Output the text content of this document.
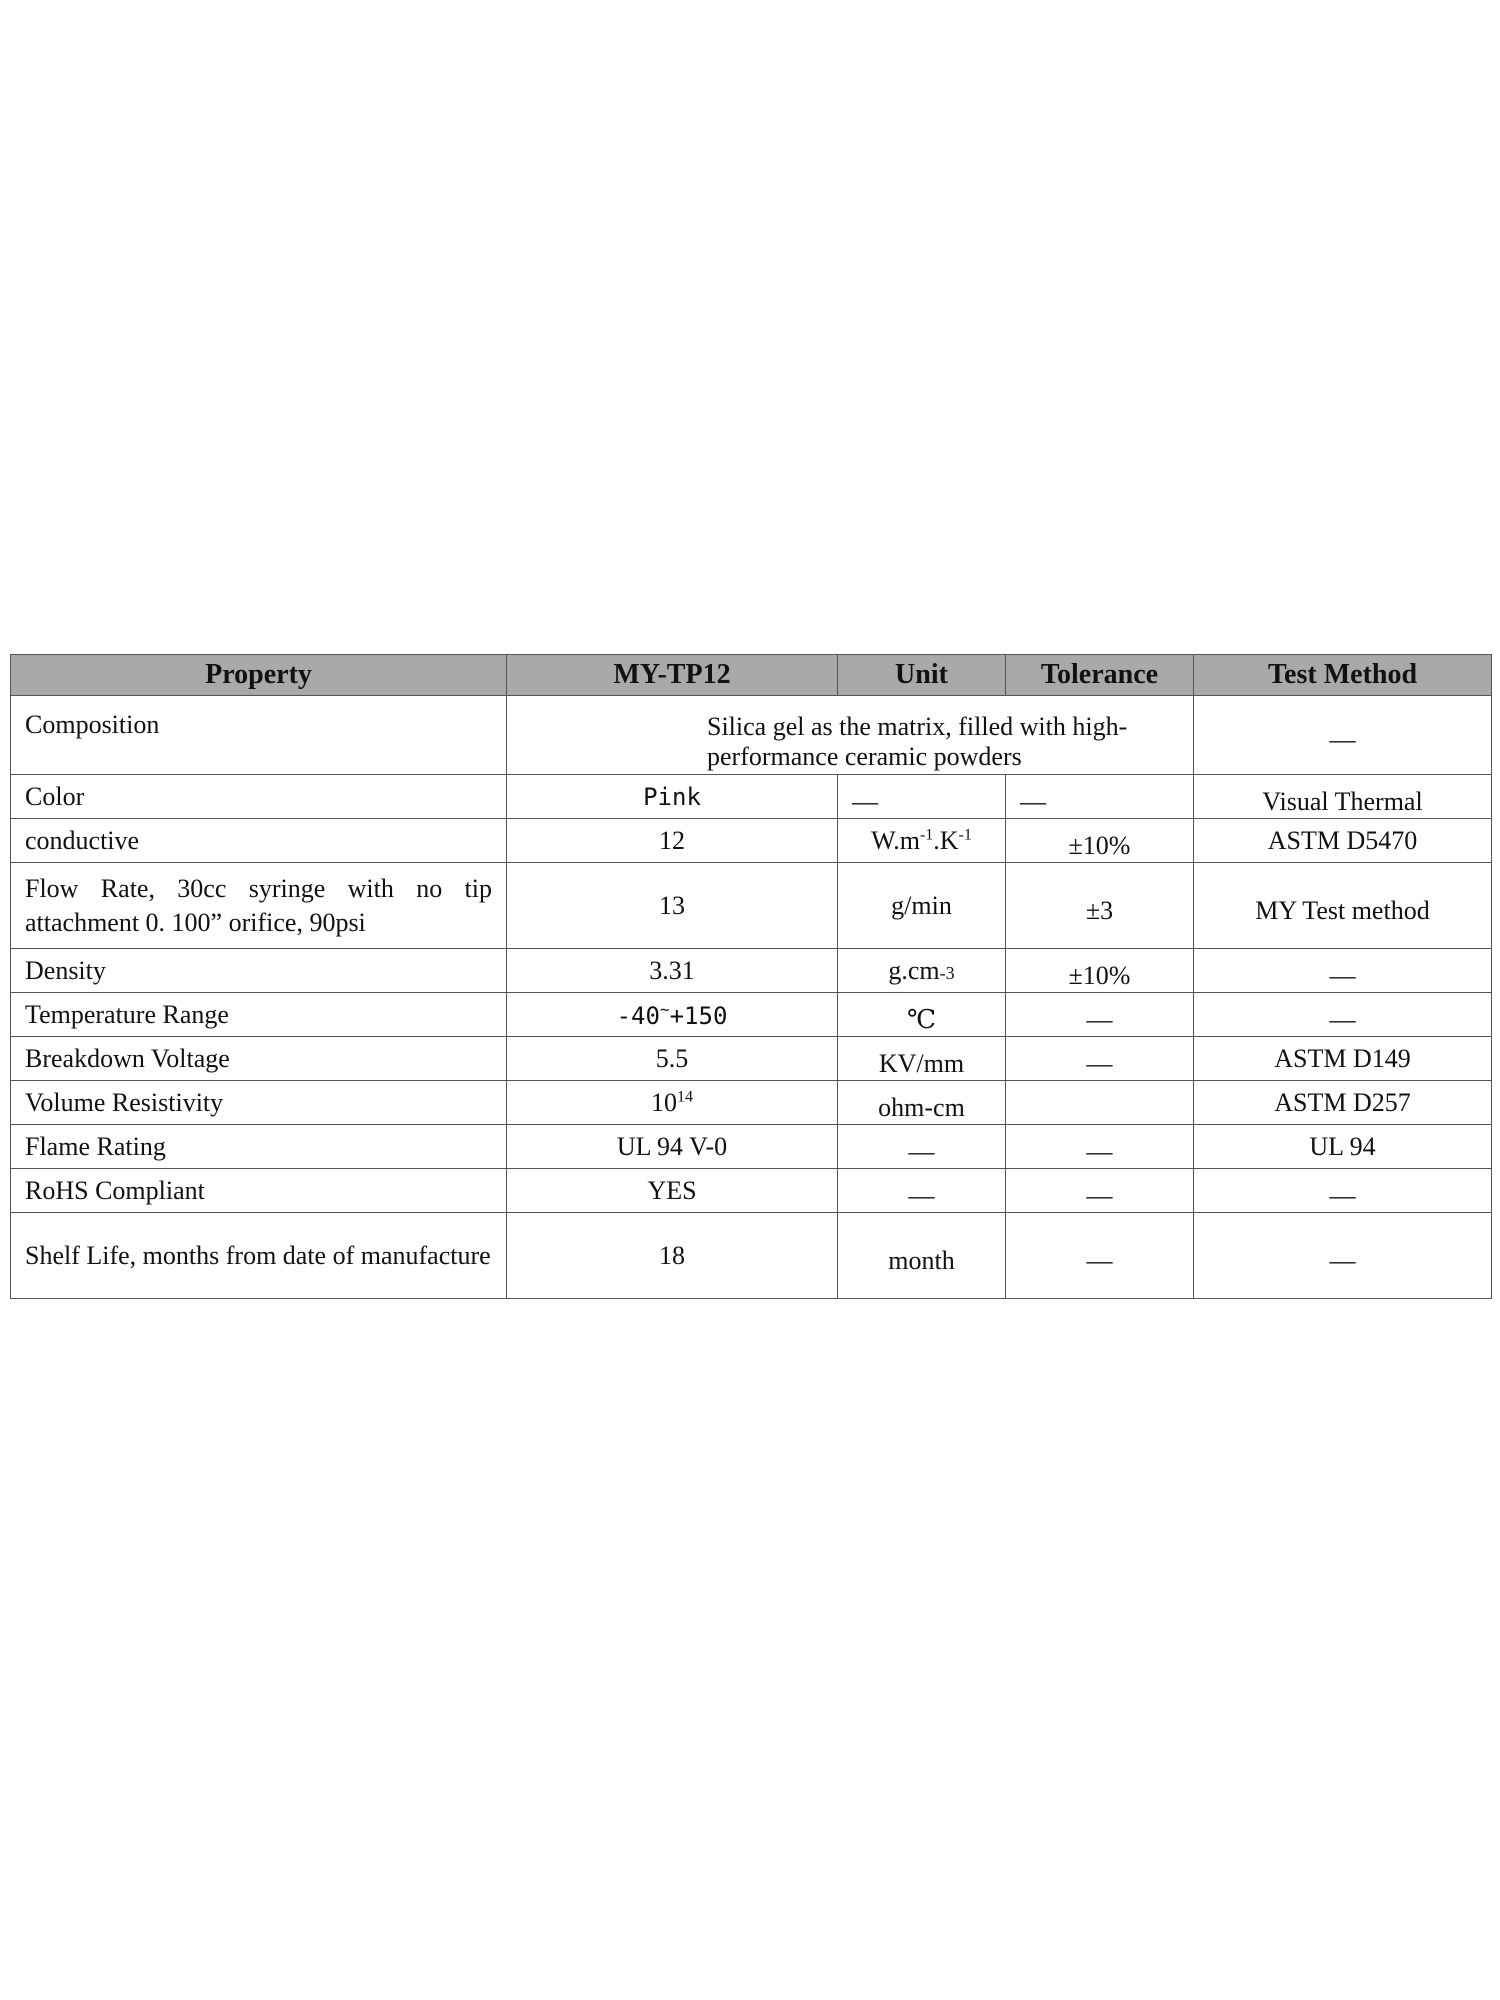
Property	MY-TP12	Unit	Tolerance	Test Method
Composition	Silica gel as the matrix, filled with high-performance ceramic powders			—
Color	Pink	—	—	Visual Thermal
conductive	12	$W.m^{-1}.K^{-1}$	±10%	ASTM D5470
Flow Rate, 30cc syringe with no tip attachment 0. 100” orifice, 90psi	13	g/min	±3	MY Test method
Density	3.31	g.cm-3	±10%	—
Temperature Range	-40~+150	℃	—	—
Breakdown Voltage	5.5	KV/mm	—	ASTM D149
Volume Resistivity	$10^{14}$	ohm-cm		ASTM D257
Flame Rating	UL 94 V-0	—	—	UL 94
RoHS Compliant	YES	—	—	—
Shelf Life, months from date of manufacture	18	month	—	—
